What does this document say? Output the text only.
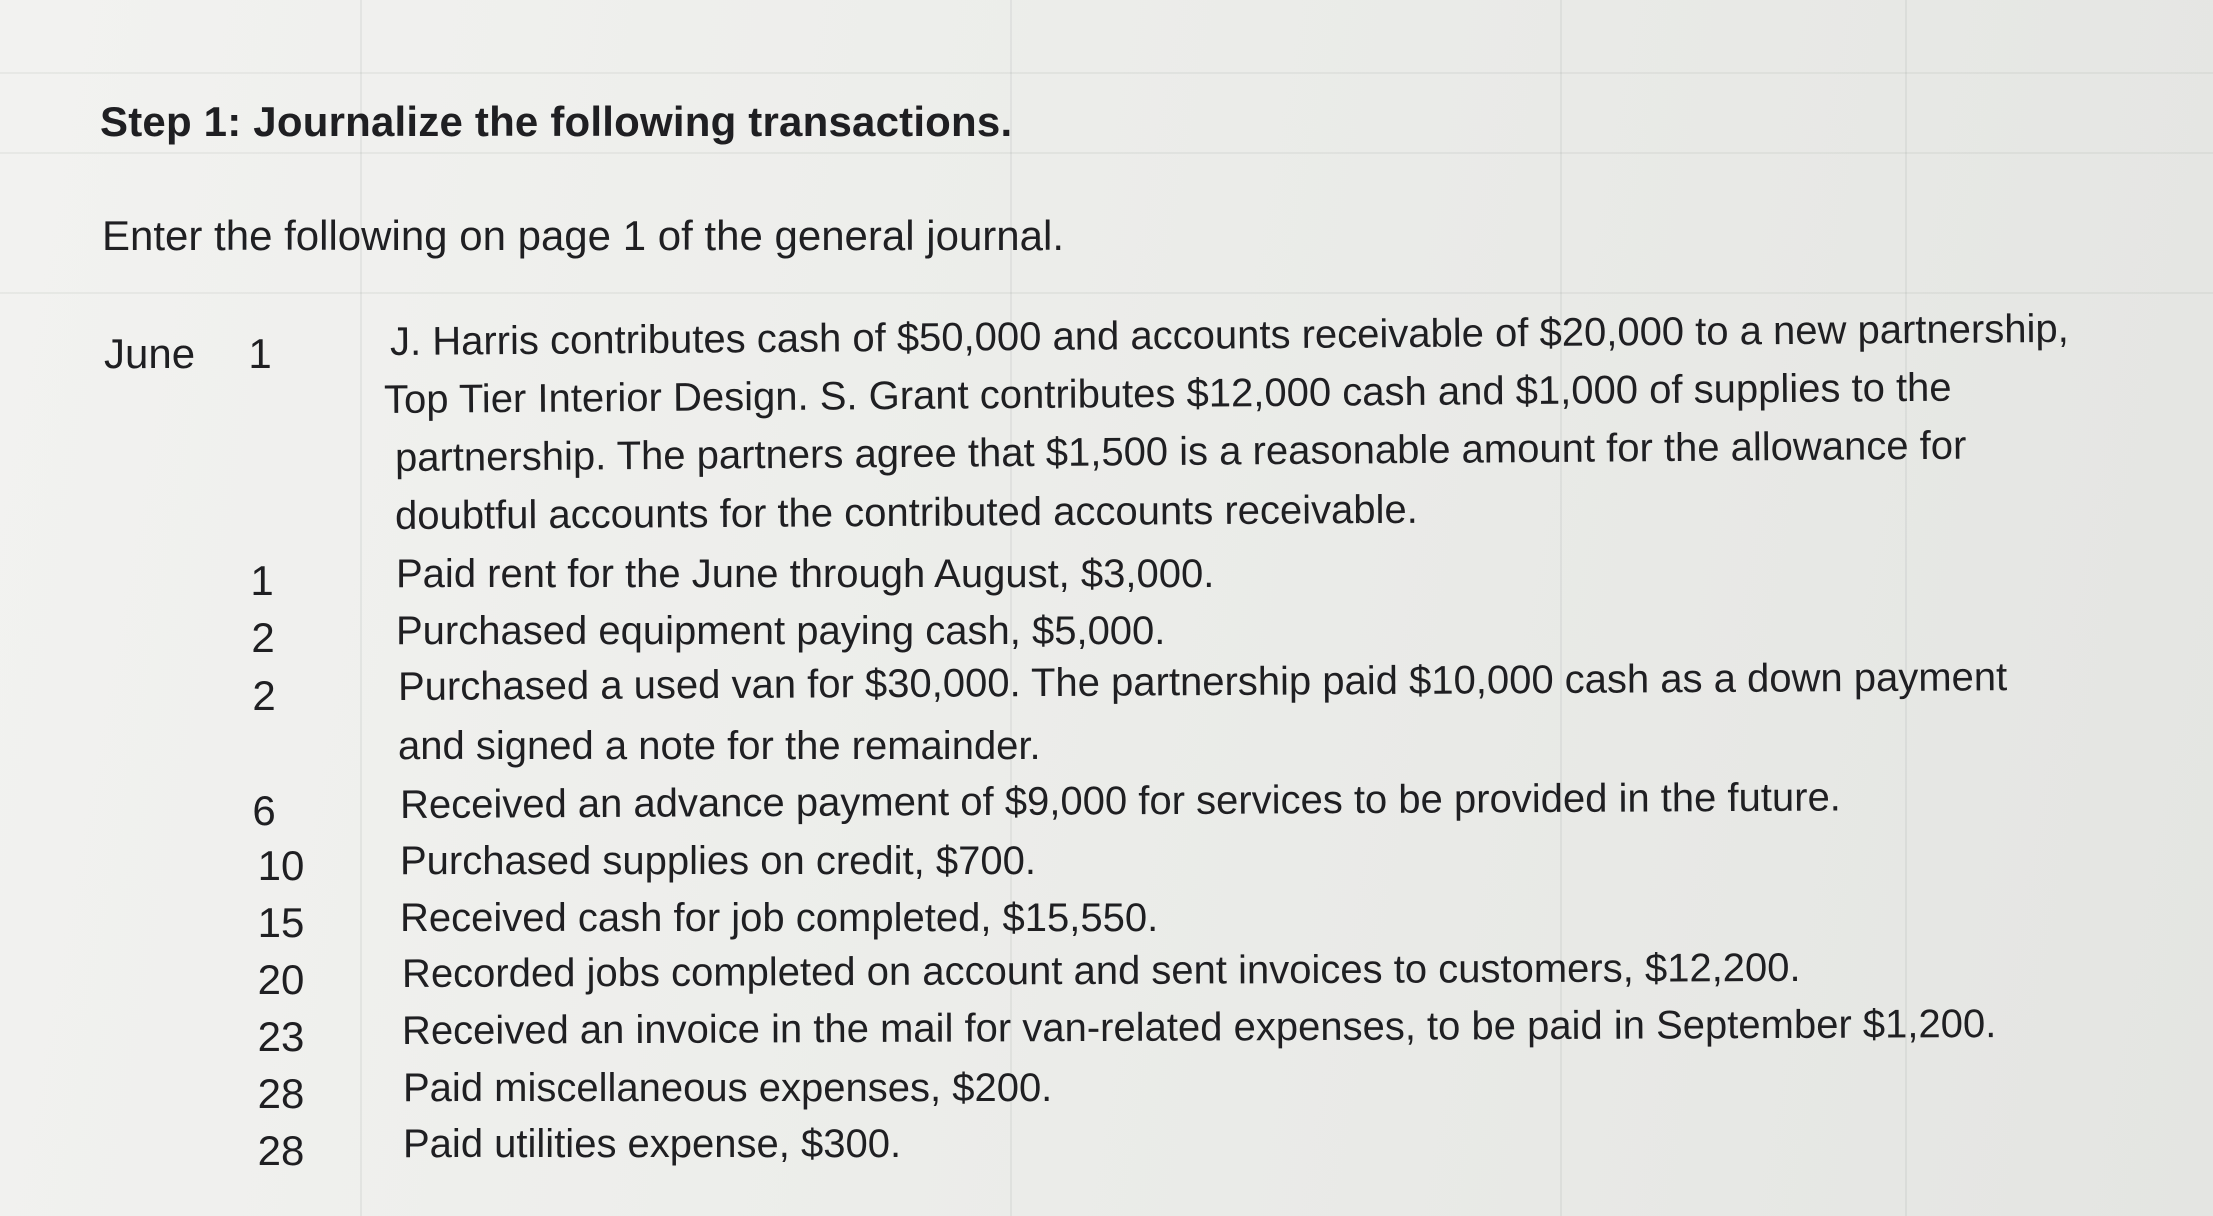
Step 1: Journalize the following transactions.
Enter the following on page 1 of the general journal.
June	1
1
2
2
6
10
15
20
23
28
28
J. Harris contributes cash of $50,000 and accounts receivable of $20,000 to a new partnership,
Top Tier Interior Design. S. Grant contributes $12,000 cash and $1,000 of supplies to the
partnership. The partners agree that $1,500 is a reasonable amount for the allowance for
doubtful accounts for the contributed accounts receivable.
Paid rent for the June through August, $3,000.
Purchased equipment paying cash, $5,000.
Purchased a used van for $30,000. The partnership paid $10,000 cash as a down payment
and signed a note for the remainder.
Received an advance payment of $9,000 for services to be provided in the future.
Purchased supplies on credit, $700.
Received cash for job completed, $15,550.
Recorded jobs completed on account and sent invoices to customers, $12,200.
Received an invoice in the mail for van-related expenses, to be paid in September $1,200.
Paid miscellaneous expenses, $200.
Paid utilities expense, $300.
